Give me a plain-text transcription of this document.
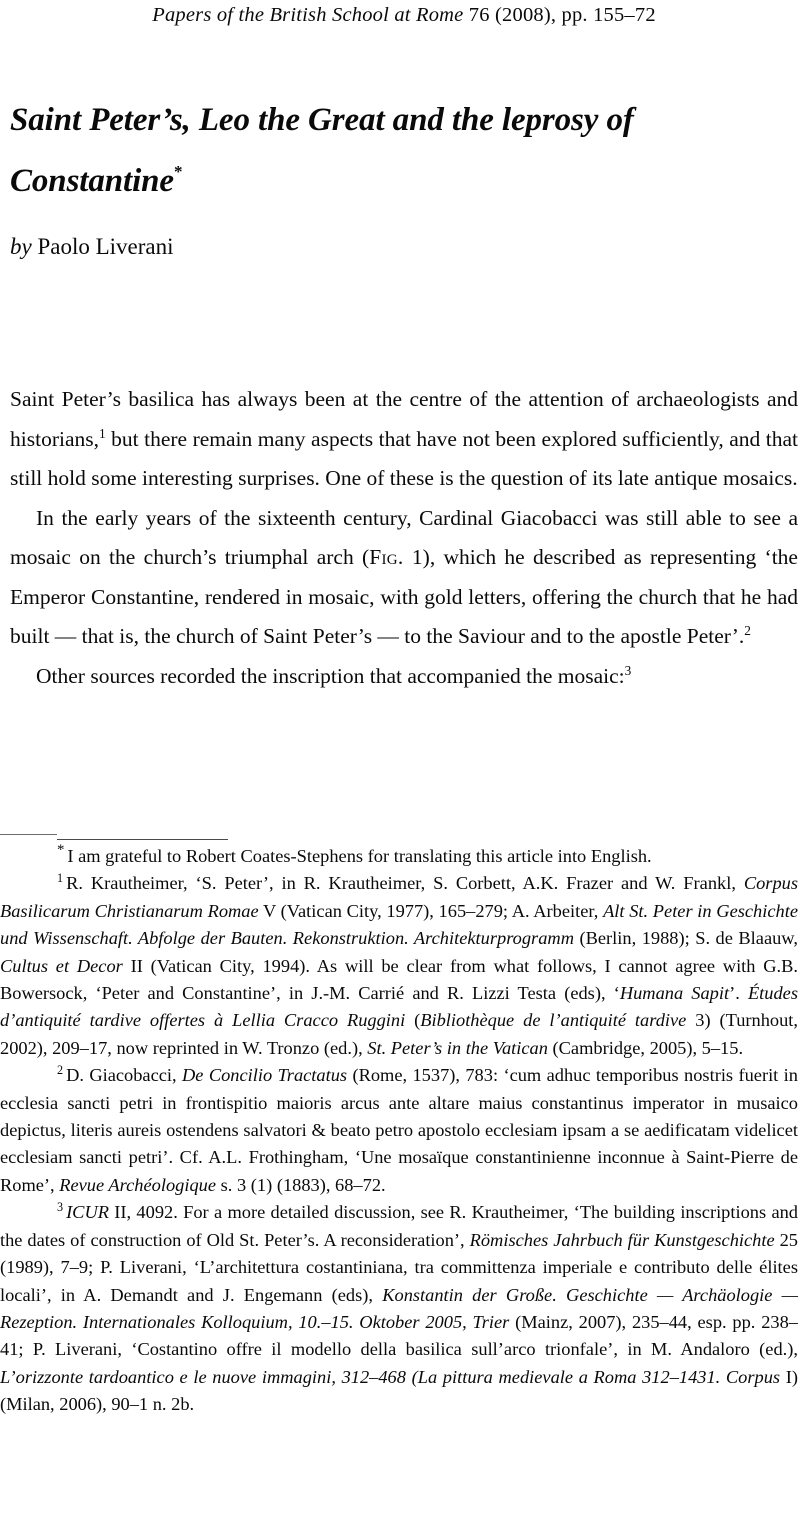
Papers of the British School at Rome 76 (2008), pp. 155–72
Saint Peter’s, Leo the Great and the leprosy of Constantine*
by Paolo Liverani

Saint Peter’s basilica has always been at the centre of the attention of archaeologists and historians,$^1$ but there remain many aspects that have not been explored sufficiently, and that still hold some interesting surprises. One of these is the question of its late antique mosaics.

In the early years of the sixteenth century, Cardinal Giacobacci was still able to see a mosaic on the church’s triumphal arch (Fig. 1), which he described as representing ‘the Emperor Constantine, rendered in mosaic, with gold letters, offering the church that he had built — that is, the church of Saint Peter’s — to the Saviour and to the apostle Peter’.$^2$

Other sources recorded the inscription that accompanied the mosaic:$^3$

* I am grateful to Robert Coates-Stephens for translating this article into English.

$^1$ R. Krautheimer, ‘S. Peter’, in R. Krautheimer, S. Corbett, A.K. Frazer and W. Frankl, Corpus Basilicarum Christianarum Romae V (Vatican City, 1977), 165–279; A. Arbeiter, Alt St. Peter in Geschichte und Wissenschaft. Abfolge der Bauten. Rekonstruktion. Architekturprogramm (Berlin, 1988); S. de Blaauw, Cultus et Decor II (Vatican City, 1994). As will be clear from what follows, I cannot agree with G.B. Bowersock, ‘Peter and Constantine’, in J.-M. Carrié and R. Lizzi Testa (eds), ‘Humana Sapit’. Études d’antiquité tardive offertes à Lellia Cracco Ruggini (Bibliothèque de l’antiquité tardive 3) (Turnhout, 2002), 209–17, now reprinted in W. Tronzo (ed.), St. Peter’s in the Vatican (Cambridge, 2005), 5–15.

$^2$ D. Giacobacci, De Concilio Tractatus (Rome, 1537), 783: ‘cum adhuc temporibus nostris fuerit in ecclesia sancti petri in frontispitio maioris arcus ante altare maius constantinus imperator in musaico depictus, literis aureis ostendens salvatori & beato petro apostolo ecclesiam ipsam a se aedificatam videlicet ecclesiam sancti petri’. Cf. A.L. Frothingham, ‘Une mosaïque constantinienne inconnue à Saint-Pierre de Rome’, Revue Archéologique s. 3 (1) (1883), 68–72.

$^3$ ICUR II, 4092. For a more detailed discussion, see R. Krautheimer, ‘The building inscriptions and the dates of construction of Old St. Peter’s. A reconsideration’, Römisches Jahrbuch für Kunstgeschichte 25 (1989), 7–9; P. Liverani, ‘L’architettura costantiniana, tra committenza imperiale e contributo delle élites locali’, in A. Demandt and J. Engemann (eds), Konstantin der Große. Geschichte — Archäologie — Rezeption. Internationales Kolloquium, 10.–15. Oktober 2005, Trier (Mainz, 2007), 235–44, esp. pp. 238–41; P. Liverani, ‘Costantino offre il modello della basilica sull’arco trionfale’, in M. Andaloro (ed.), L’orizzonte tardoantico e le nuove immagini, 312–468 (La pittura medievale a Roma 312–1431. Corpus I) (Milan, 2006), 90–1 n. 2b.
